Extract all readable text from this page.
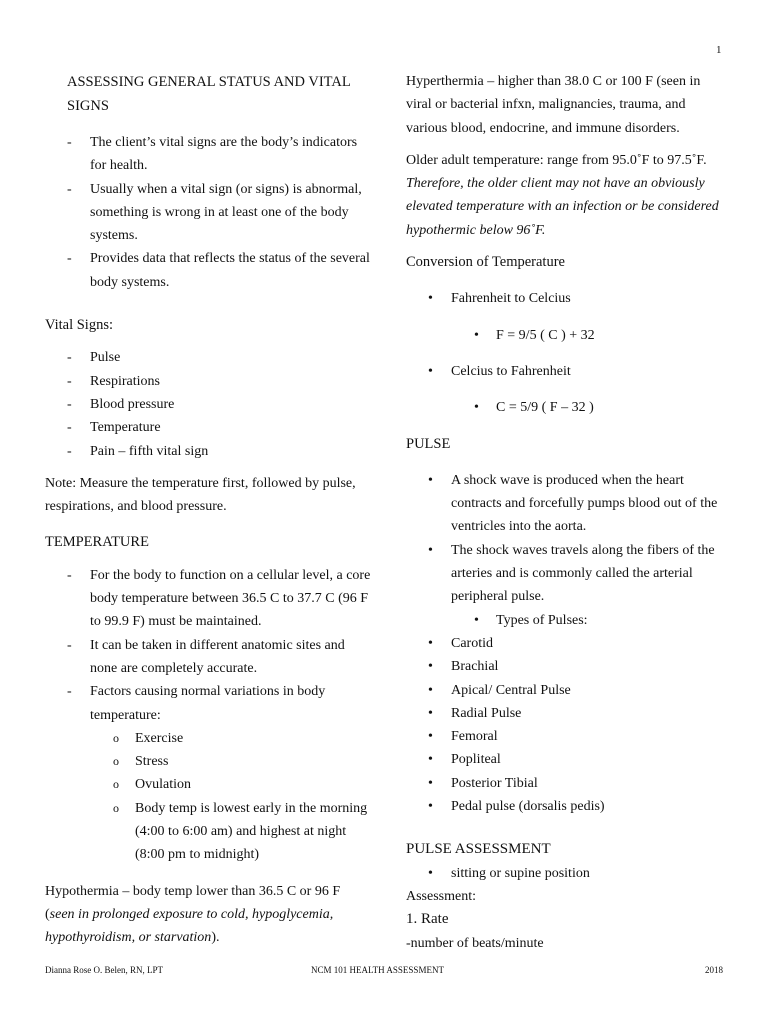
1
ASSESSING GENERAL STATUS AND VITAL SIGNS
- The client’s vital signs are the body’s indicators for health.
- Usually when a vital sign (or signs) is abnormal, something is wrong in at least one of the body systems.
- Provides data that reflects the status of the several body systems.

Vital Signs:

- Pulse
- Respirations
- Blood pressure
- Temperature
- Pain – fifth vital sign

Note: Measure the temperature first, followed by pulse, respirations, and blood pressure.

TEMPERATURE

- For the body to function on a cellular level, a core body temperature between 36.5 C to 37.7 C (96 F to 99.9 F) must be maintained.
- It can be taken in different anatomic sites and none are completely accurate.
- Factors causing normal variations in body temperature:
o Exercise
o Stress
o Ovulation
o Body temp is lowest early in the morning (4:00 to 6:00 am) and highest at night (8:00 pm to midnight)

Hypothermia – body temp lower than 36.5 C or 96 F (seen in prolonged exposure to cold, hypoglycemia, hypothyroidism, or starvation).

Hyperthermia – higher than 38.0 C or 100 F (seen in viral or bacterial infxn, malignancies, trauma, and various blood, endocrine, and immune disorders.

Older adult temperature: range from 95.0˚F to 97.5˚F. Therefore, the older client may not have an obviously elevated temperature with an infection or be considered hypothermic below 96˚F.

Conversion of Temperature

• Fahrenheit to Celcius
• F = 9/5 ( C ) + 32
• Celcius to Fahrenheit
• C = 5/9 ( F – 32 )

PULSE

• A shock wave is produced when the heart contracts and forcefully pumps blood out of the ventricles into the aorta.
• The shock waves travels along the fibers of the arteries and is commonly called the arterial peripheral pulse.
• Types of Pulses:
• Carotid
• Brachial
• Apical/ Central Pulse
• Radial Pulse
• Femoral
• Popliteal
• Posterior Tibial
• Pedal pulse (dorsalis pedis)

PULSE ASSESSMENT

• sitting or supine position

Assessment:

1. Rate

-number of beats/minute

Dianna Rose O. Belen, RN, LPT	NCM 101 HEALTH ASSESSMENT	2018
